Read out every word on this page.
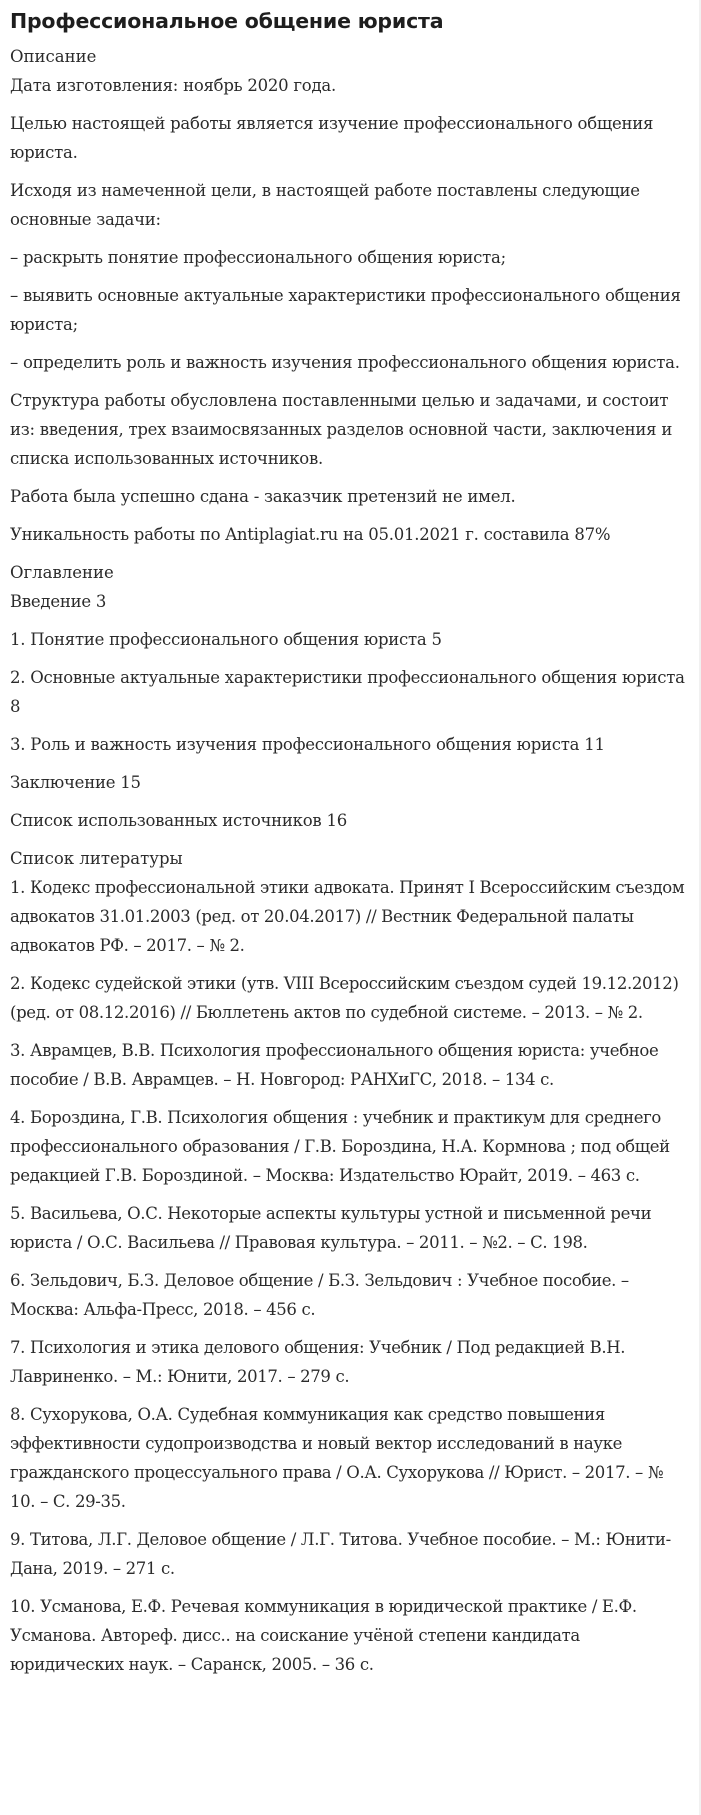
Профессиональное общение юриста
Описание
Дата изготовления: ноябрь 2020 года.
Целью настоящей работы является изучение профессионального общения юриста.
Исходя из намеченной цели, в настоящей работе поставлены следующие основные задачи:
– раскрыть понятие профессионального общения юриста;
– выявить основные актуальные характеристики профессионального общения юриста;
– определить роль и важность изучения профессионального общения юриста.
Структура работы обусловлена поставленными целью и задачами, и состоит из: введения, трех взаимосвязанных разделов основной части, заключения и списка использованных источников.
Работа была успешно сдана - заказчик претензий не имел.
Уникальность работы по Antiplagiat.ru на 05.01.2021 г. составила 87%
Оглавление
Введение 3
1. Понятие профессионального общения юриста 5
2. Основные актуальные характеристики профессионального общения юриста 8
3. Роль и важность изучения профессионального общения юриста 11
Заключение 15
Список использованных источников 16
Список литературы
1. Кодекс профессиональной этики адвоката. Принят I Всероссийским съездом адвокатов 31.01.2003 (ред. от 20.04.2017) // Вестник Федеральной палаты адвокатов РФ. – 2017. – № 2.
2. Кодекс судейской этики (утв. VIII Всероссийским съездом судей 19.12.2012) (ред. от 08.12.2016) // Бюллетень актов по судебной системе. – 2013. – № 2.
3. Аврамцев, В.В. Психология профессионального общения юриста: учебное пособие / В.В. Аврамцев. – Н. Новгород: РАНХиГС, 2018. – 134 с.
4. Бороздина, Г.В. Психология общения : учебник и практикум для среднего профессионального образования / Г.В. Бороздина, Н.А. Кормнова ; под общей редакцией Г.В. Бороздиной. – Москва: Издательство Юрайт, 2019. – 463 с.
5. Васильева, О.С. Некоторые аспекты культуры устной и письменной речи юриста / О.С. Васильева // Правовая культура. – 2011. – №2. – С. 198.
6. Зельдович, Б.З. Деловое общение / Б.З. Зельдович : Учебное пособие. – Москва: Альфа-Пресс, 2018. – 456 с.
7. Психология и этика делового общения: Учебник / Под редакцией В.Н. Лавриненко. – М.: Юнити, 2017. – 279 с.
8. Сухорукова, О.А. Судебная коммуникация как средство повышения эффективности судопроизводства и новый вектор исследований в науке гражданского процессуального права / О.А. Сухорукова // Юрист. – 2017. – № 10. – С. 29-35.
9. Титова, Л.Г. Деловое общение / Л.Г. Титова. Учебное пособие. – М.: Юнити-Дана, 2019. – 271 с.
10. Усманова, Е.Ф. Речевая коммуникация в юридической практике / Е.Ф. Усманова. Автореф. дисс.. на соискание учёной степени кандидата юридических наук. – Саранск, 2005. – 36 с.
